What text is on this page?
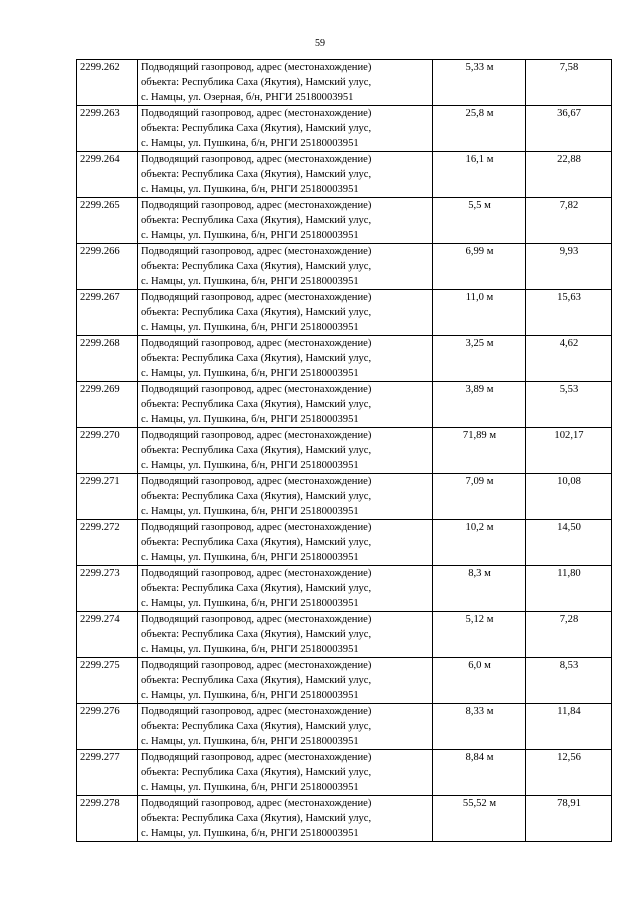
59
2299.262	Подводящий газопровод, адрес (местонахождение)
объекта: Республика Саха (Якутия), Намский улус,
с. Намцы, ул. Озерная, б/н, РНГИ 25180003951	5,33 м	7,58
2299.263	Подводящий газопровод, адрес (местонахождение)
объекта: Республика Саха (Якутия), Намский улус,
с. Намцы, ул. Пушкина, б/н, РНГИ 25180003951	25,8 м	36,67
2299.264	Подводящий газопровод, адрес (местонахождение)
объекта: Республика Саха (Якутия), Намский улус,
с. Намцы, ул. Пушкина, б/н, РНГИ 25180003951	16,1 м	22,88
2299.265	Подводящий газопровод, адрес (местонахождение)
объекта: Республика Саха (Якутия), Намский улус,
с. Намцы, ул. Пушкина, б/н, РНГИ 25180003951	5,5 м	7,82
2299.266	Подводящий газопровод, адрес (местонахождение)
объекта: Республика Саха (Якутия), Намский улус,
с. Намцы, ул. Пушкина, б/н, РНГИ 25180003951	6,99 м	9,93
2299.267	Подводящий газопровод, адрес (местонахождение)
объекта: Республика Саха (Якутия), Намский улус,
с. Намцы, ул. Пушкина, б/н, РНГИ 25180003951	11,0 м	15,63
2299.268	Подводящий газопровод, адрес (местонахождение)
объекта: Республика Саха (Якутия), Намский улус,
с. Намцы, ул. Пушкина, б/н, РНГИ 25180003951	3,25 м	4,62
2299.269	Подводящий газопровод, адрес (местонахождение)
объекта: Республика Саха (Якутия), Намский улус,
с. Намцы, ул. Пушкина, б/н, РНГИ 25180003951	3,89 м	5,53
2299.270	Подводящий газопровод, адрес (местонахождение)
объекта: Республика Саха (Якутия), Намский улус,
с. Намцы, ул. Пушкина, б/н, РНГИ 25180003951	71,89 м	102,17
2299.271	Подводящий газопровод, адрес (местонахождение)
объекта: Республика Саха (Якутия), Намский улус,
с. Намцы, ул. Пушкина, б/н, РНГИ 25180003951	7,09 м	10,08
2299.272	Подводящий газопровод, адрес (местонахождение)
объекта: Республика Саха (Якутия), Намский улус,
с. Намцы, ул. Пушкина, б/н, РНГИ 25180003951	10,2 м	14,50
2299.273	Подводящий газопровод, адрес (местонахождение)
объекта: Республика Саха (Якутия), Намский улус,
с. Намцы, ул. Пушкина, б/н, РНГИ 25180003951	8,3 м	11,80
2299.274	Подводящий газопровод, адрес (местонахождение)
объекта: Республика Саха (Якутия), Намский улус,
с. Намцы, ул. Пушкина, б/н, РНГИ 25180003951	5,12 м	7,28
2299.275	Подводящий газопровод, адрес (местонахождение)
объекта: Республика Саха (Якутия), Намский улус,
с. Намцы, ул. Пушкина, б/н, РНГИ 25180003951	6,0 м	8,53
2299.276	Подводящий газопровод, адрес (местонахождение)
объекта: Республика Саха (Якутия), Намский улус,
с. Намцы, ул. Пушкина, б/н, РНГИ 25180003951	8,33 м	11,84
2299.277	Подводящий газопровод, адрес (местонахождение)
объекта: Республика Саха (Якутия), Намский улус,
с. Намцы, ул. Пушкина, б/н, РНГИ 25180003951	8,84 м	12,56
2299.278	Подводящий газопровод, адрес (местонахождение)
объекта: Республика Саха (Якутия), Намский улус,
с. Намцы, ул. Пушкина, б/н, РНГИ 25180003951	55,52 м	78,91
